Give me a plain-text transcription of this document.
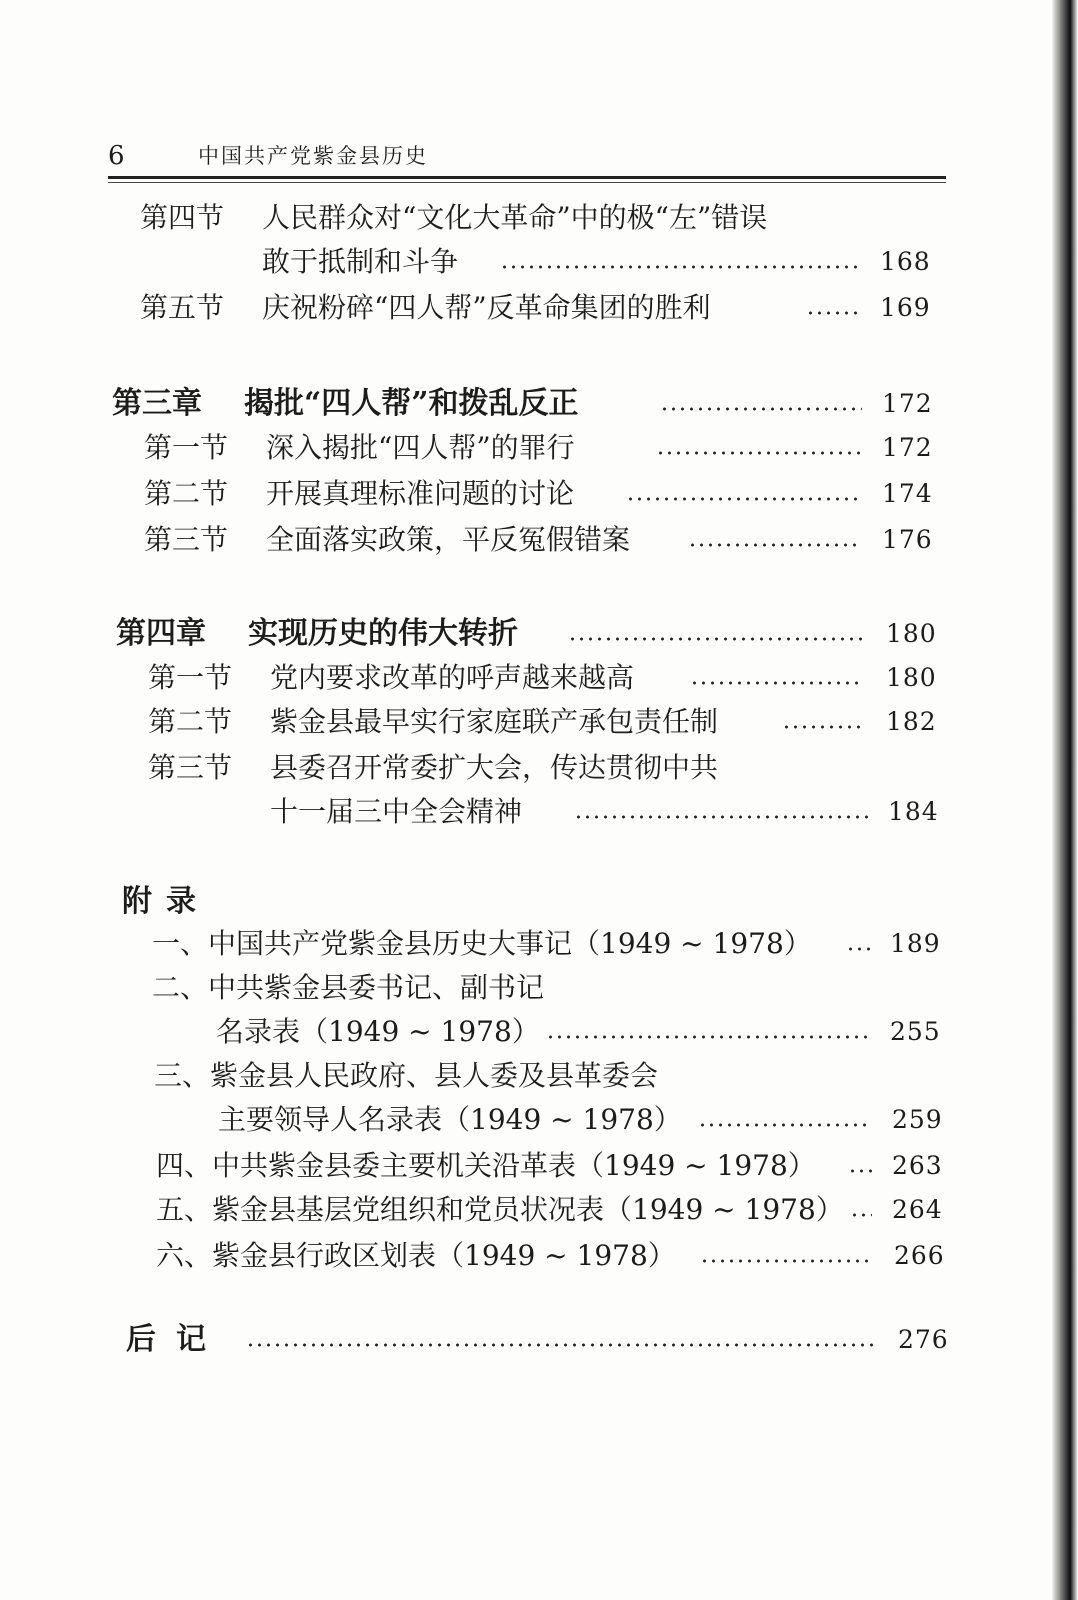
6	中国共产党紫金县历史
第四节 人民群众对“文化大革命”中的极“左”错误
敢于抵制和斗争	168
第五节 庆祝粉碎“四人帮”反革命集团的胜利	169
第三章 揭批“四人帮”和拨乱反正	172
第一节 深入揭批“四人帮”的罪行	172
第二节 开展真理标准问题的讨论	174
第三节 全面落实政策，平反冤假错案	176
第四章 实现历史的伟大转折	180
第一节 党内要求改革的呼声越来越高	180
第二节 紫金县最早实行家庭联产承包责任制	182
第三节 县委召开常委扩大会，传达贯彻中共
十一届三中全会精神	184
附录
一、中国共产党紫金县历史大事记（1949 ~ 1978）	189
二、中共紫金县委书记、副书记
名录表（1949 ~ 1978）	255
三、紫金县人民政府、县人委及县革委会
主要领导人名录表（1949 ~ 1978）	259
四、中共紫金县委主要机关沿革表（1949 ~ 1978）	263
五、紫金县基层党组织和党员状况表（1949 ~ 1978） 264
六、紫金县行政区划表（1949 ~ 1978）	266
后记	276
